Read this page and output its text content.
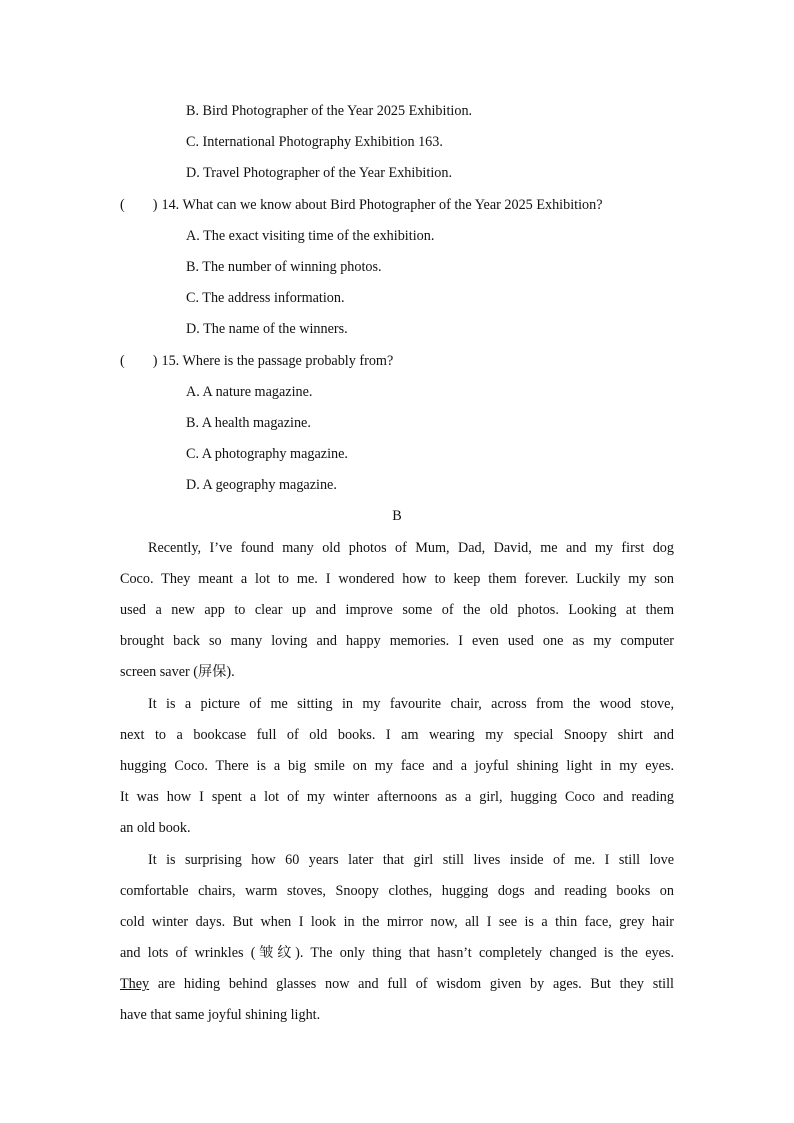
B. Bird Photographer of the Year 2025 Exhibition.
C. International Photography Exhibition 163.
D. Travel Photographer of the Year Exhibition.
( ) 14. What can we know about Bird Photographer of the Year 2025 Exhibition?
A. The exact visiting time of the exhibition.
B. The number of winning photos.
C. The address information.
D. The name of the winners.
( ) 15. Where is the passage probably from?
A. A nature magazine.
B. A health magazine.
C. A photography magazine.
D. A geography magazine.
B
Recently, I’ve found many old photos of Mum, Dad, David, me and my first dog
Coco. They meant a lot to me. I wondered how to keep them forever. Luckily my son
used a new app to clear up and improve some of the old photos. Looking at them
brought back so many loving and happy memories. I even used one as my computer
screen saver (屏保).
It is a picture of me sitting in my favourite chair, across from the wood stove,
next to a bookcase full of old books. I am wearing my special Snoopy shirt and
hugging Coco. There is a big smile on my face and a joyful shining light in my eyes.
It was how I spent a lot of my winter afternoons as a girl, hugging Coco and reading
an old book.
It is surprising how 60 years later that girl still lives inside of me. I still love
comfortable chairs, warm stoves, Snoopy clothes, hugging dogs and reading books on
cold winter days. But when I look in the mirror now, all I see is a thin face, grey hair
and lots of wrinkles (皱纹). The only thing that hasn’t completely changed is the eyes.
They are hiding behind glasses now and full of wisdom given by ages. But they still
have that same joyful shining light.
